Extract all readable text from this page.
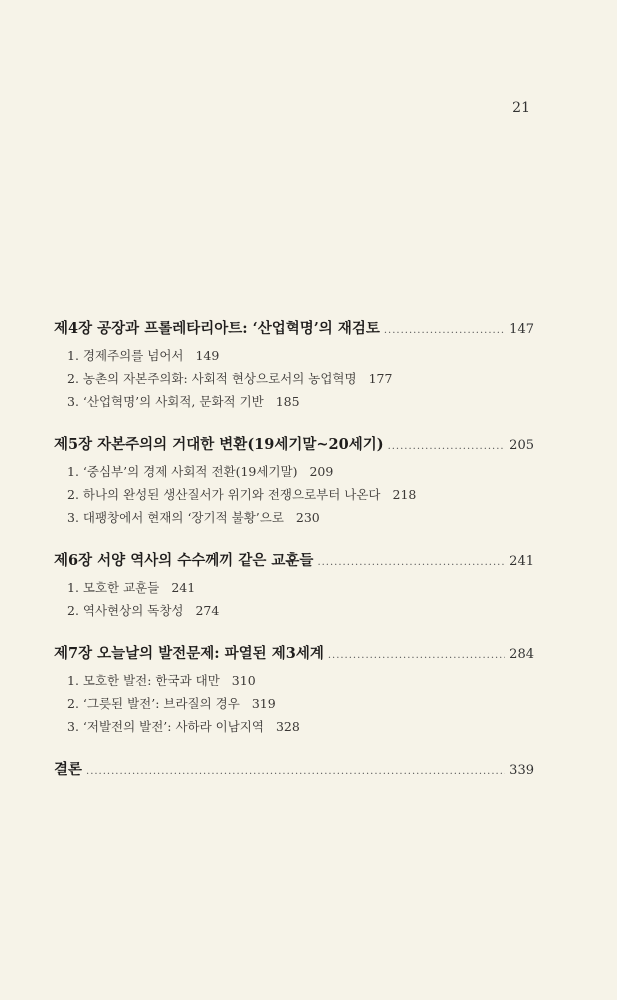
21
제4장 공장과 프롤레타리아트: ‘산업혁명’의 재검토 .....	147
1. 경제주의를 넘어서 149
2. 농촌의 자본주의화: 사회적 현상으로서의 농업혁명 177
3. ‘산업혁명’의 사회적, 문화적 기반 185
제5장 자본주의의 거대한 변환(19세기말~20세기) .....	205
1. ‘중심부’의 경제 사회적 전환(19세기말) 209
2. 하나의 완성된 생산질서가 위기와 전쟁으로부터 나온다 218
3. 대팽창에서 현재의 ‘장기적 불황’으로 230
제6장 서양 역사의 수수께끼 같은 교훈들 .....	241
1. 모호한 교훈들 241
2. 역사현상의 독창성 274
제7장 오늘날의 발전문제: 파열된 제3세계 .....	284
1. 모호한 발전: 한국과 대만 310
2. ‘그릇된 발전’: 브라질의 경우 319
3. ‘저발전의 발전’: 사하라 이남지역 328
결론 .....	339
